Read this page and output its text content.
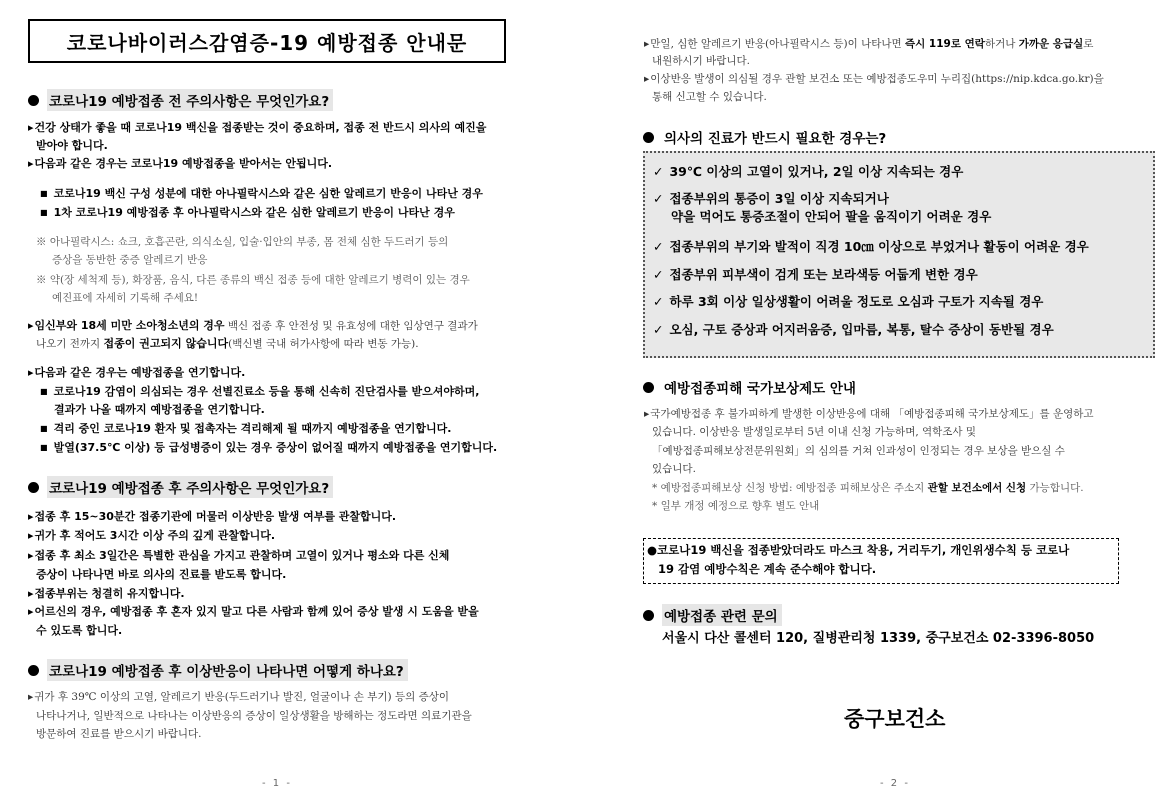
코로나바이러스감염증-19 예방접종 안내문
코로나19 예방접종 전 주의사항은 무엇인가요?
▸ 건강 상태가 좋을 때 코로나19 백신을 접종받는 것이 중요하며, 접종 전 반드시 의사의 예진을
받아야 합니다.
▸ 다음과 같은 경우는 코로나19 예방접종을 받아서는 안됩니다.
■ 코로나19 백신 구성 성분에 대한 아나필락시스와 같은 심한 알레르기 반응이 나타난 경우
■ 1차 코로나19 예방접종 후 아나필락시스와 같은 심한 알레르기 반응이 나타난 경우
※ 아나필락시스: 쇼크, 호흡곤란, 의식소실, 입술·입안의 부종, 몸 전체 심한 두드러기 등의
증상을 동반한 중증 알레르기 반응
※ 약(장 세척제 등), 화장품, 음식, 다른 종류의 백신 접종 등에 대한 알레르기 병력이 있는 경우
예진표에 자세히 기록해 주세요!
▸ 임신부와 18세 미만 소아청소년의 경우 백신 접종 후 안전성 및 유효성에 대한 임상연구 결과가
나오기 전까지 접종이 권고되지 않습니다(백신별 국내 허가사항에 따라 변동 가능).
▸ 다음과 같은 경우는 예방접종을 연기합니다.
■ 코로나19 감염이 의심되는 경우 선별진료소 등을 통해 신속히 진단검사를 받으셔야하며,
결과가 나올 때까지 예방접종을 연기합니다.
■ 격리 중인 코로나19 환자 및 접촉자는 격리해제 될 때까지 예방접종을 연기합니다.
■ 발열(37.5℃ 이상) 등 급성병증이 있는 경우 증상이 없어질 때까지 예방접종을 연기합니다.
코로나19 예방접종 후 주의사항은 무엇인가요?
▸ 접종 후 15~30분간 접종기관에 머물러 이상반응 발생 여부를 관찰합니다.
▸ 귀가 후 적어도 3시간 이상 주의 깊게 관찰합니다.
▸ 접종 후 최소 3일간은 특별한 관심을 가지고 관찰하며 고열이 있거나 평소와 다른 신체
증상이 나타나면 바로 의사의 진료를 받도록 합니다.
▸ 접종부위는 청결히 유지합니다.
▸ 어르신의 경우, 예방접종 후 혼자 있지 말고 다른 사람과 함께 있어 증상 발생 시 도움을 받을
수 있도록 합니다.
코로나19 예방접종 후 이상반응이 나타나면 어떻게 하나요?
▸ 귀가 후 39℃ 이상의 고열, 알레르기 반응(두드러기나 발진, 얼굴이나 손 부기) 등의 증상이
나타나거나, 일반적으로 나타나는 이상반응의 증상이 일상생활을 방해하는 정도라면 의료기관을
방문하여 진료를 받으시기 바랍니다.
- 1 -
▸ 만일, 심한 알레르기 반응(아나필락시스 등)이 나타나면 즉시 119로 연락하거나 가까운 응급실로
내원하시기 바랍니다.
▸ 이상반응 발생이 의심될 경우 관할 보건소 또는 예방접종도우미 누리집(https://nip.kdca.go.kr)을
통해 신고할 수 있습니다.
의사의 진료가 반드시 필요한 경우는?
✓ 39℃ 이상의 고열이 있거나, 2일 이상 지속되는 경우
✓ 접종부위의 통증이 3일 이상 지속되거나
약을 먹어도 통증조절이 안되어 팔을 움직이기 어려운 경우
✓ 접종부위의 부기와 발적이 직경 10㎝ 이상으로 부었거나 활동이 어려운 경우
✓ 접종부위 피부색이 검게 또는 보라색등 어둡게 변한 경우
✓ 하루 3회 이상 일상생활이 어려울 정도로 오심과 구토가 지속될 경우
✓ 오심, 구토 증상과 어지러움증, 입마름, 복통, 탈수 증상이 동반될 경우
예방접종피해 국가보상제도 안내
▸ 국가예방접종 후 불가피하게 발생한 이상반응에 대해 「예방접종피해 국가보상제도」를 운영하고
있습니다. 이상반응 발생일로부터 5년 이내 신청 가능하며, 역학조사 및
「예방접종피해보상전문위원회」의 심의를 거쳐 인과성이 인정되는 경우 보상을 받으실 수
있습니다.
* 예방접종피해보상 신청 방법: 예방접종 피해보상은 주소지 관할 보건소에서 신청 가능합니다.
* 일부 개정 예정으로 향후 별도 안내
●코로나19 백신을 접종받았더라도 마스크 착용, 거리두기, 개인위생수칙 등 코로나
19 감염 예방수칙은 계속 준수해야 합니다.
예방접종 관련 문의
서울시 다산 콜센터 120, 질병관리청 1339, 중구보건소 02-3396-8050
중구보건소
- 2 -
